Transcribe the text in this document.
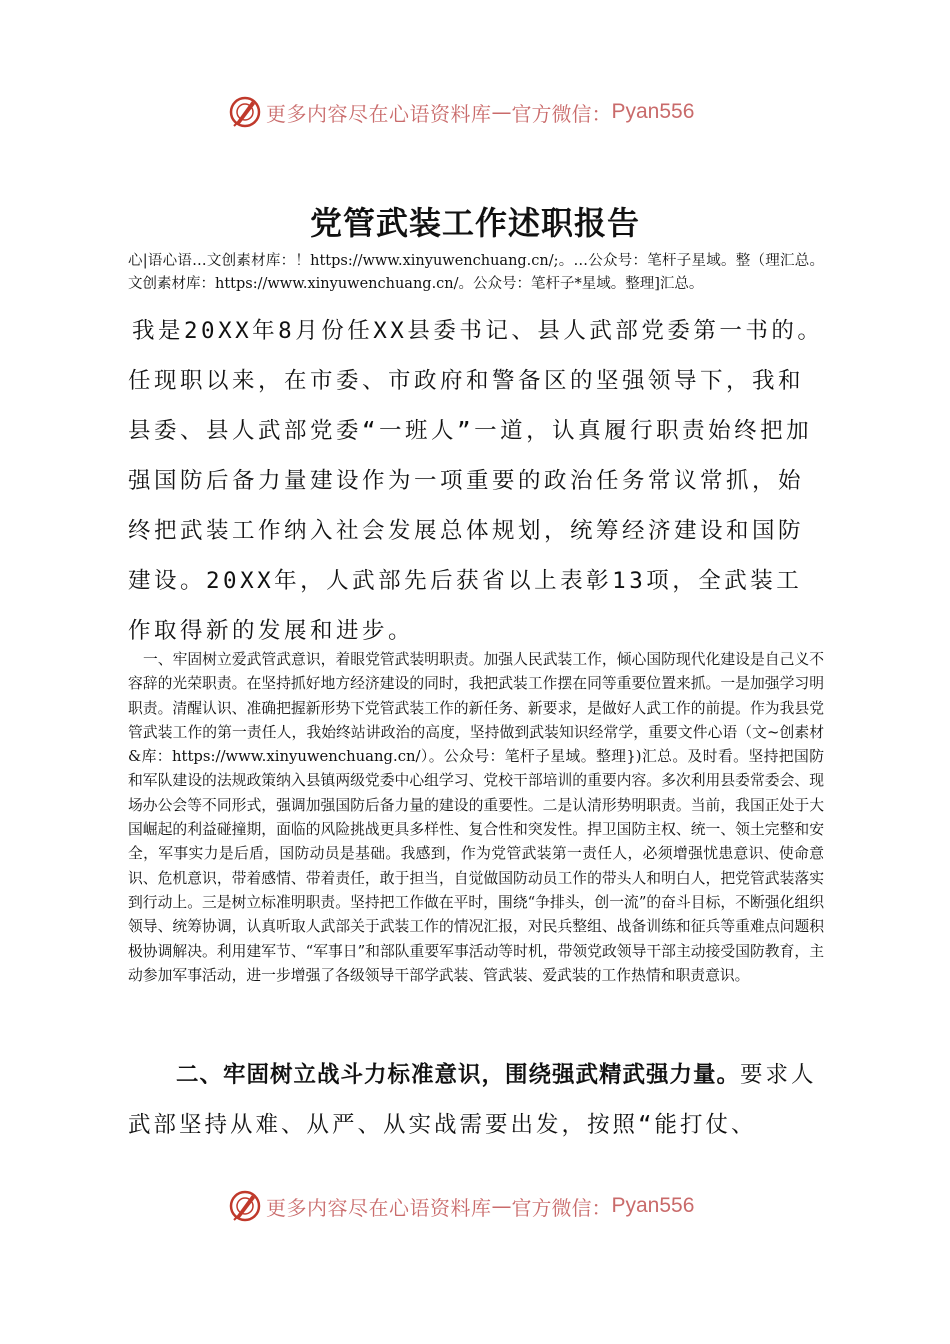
更多内容尽在心语资料库 — 官方微信： Pyan556
党管武装工作述职报告

心|语心语…文创素材库：！https://www.xinyuwenchuang.cn/;。…公众号：笔杆子星域。整（理汇总。文创素材库：https://www.xinyuwenchuang.cn/。公众号：笔杆子*星域。整理]汇总。

我是20XX年8月份任XX县委书记、县人武部党委第一书的。任现职以来，在市委、市政府和警备区的坚强领导下，我和县委、县人武部党委“一班人”一道，认真履行职责始终把加强国防后备力量建设作为一项重要的政治任务常议常抓，始终把武装工作纳入社会发展总体规划，统筹经济建设和国防建设。20XX年，人武部先后获省以上表彰13项，全武装工作取得新的发展和进步。

一、牢固树立爱武管武意识，着眼党管武装明职责。加强人民武装工作，倾心国防现代化建设是自己义不容辞的光荣职责。在坚持抓好地方经济建设的同时，我把武装工作摆在同等重要位置来抓。一是加强学习明职责。清醒认识、准确把握新形势下党管武装工作的新任务、新要求，是做好人武工作的前提。作为我县党管武装工作的第一责任人，我始终站讲政治的高度，坚持做到武装知识经常学，重要文件心语（文~创素材&库：https://www.xinyuwenchuang.cn/）。公众号：笔杆子星域。整理})汇总。及时看。坚持把国防和军队建设的法规政策纳入县镇两级党委中心组学习、党校干部培训的重要内容。多次利用县委常委会、现场办公会等不同形式，强调加强国防后备力量的建设的重要性。二是认清形势明职责。当前，我国正处于大国崛起的利益碰撞期，面临的风险挑战更具多样性、复合性和突发性。捍卫国防主权、统一、领土完整和安全，军事实力是后盾，国防动员是基础。我感到，作为党管武装第一责任人，必须增强忧患意识、使命意识、危机意识，带着感情、带着责任，敢于担当，自觉做国防动员工作的带头人和明白人，把党管武装落实到行动上。三是树立标准明职责。坚持把工作做在平时，围绕“争排头，创一流”的奋斗目标，不断强化组织领导、统筹协调，认真听取人武部关于武装工作的情况汇报，对民兵整组、战备训练和征兵等重难点问题积极协调解决。利用建军节、“军事日”和部队重要军事活动等时机，带领党政领导干部主动接受国防教育，主动参加军事活动，进一步增强了各级领导干部学武装、管武装、爱武装的工作热情和职责意识。

二、牢固树立战斗力标准意识，围绕强武精武强力量。要求人武部坚持从难、从严、从实战需要出发，按照“能打仗、

更多内容尽在心语资料库 — 官方微信： Pyan556
